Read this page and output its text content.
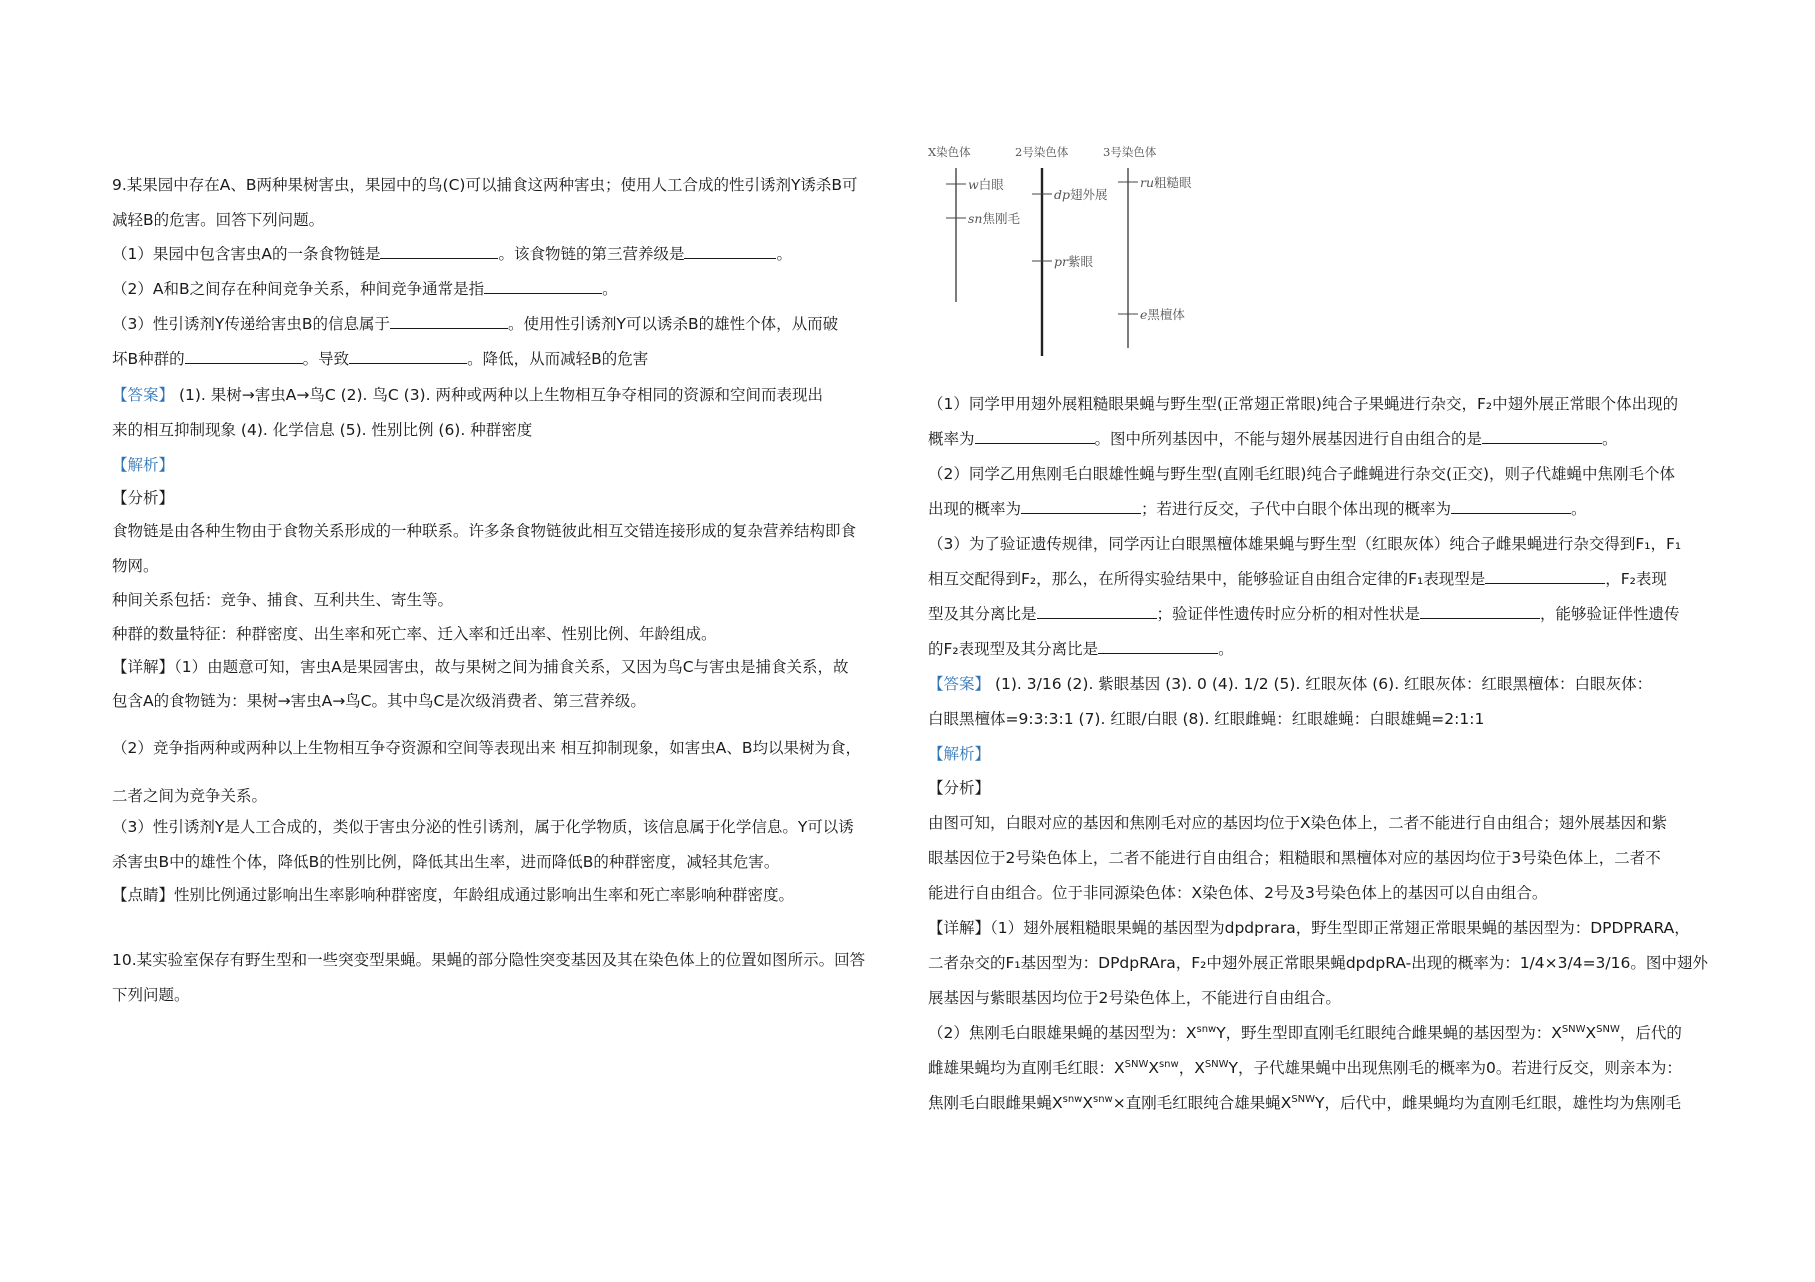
9.某果园中存在A、B两种果树害虫，果园中的鸟(C)可以捕食这两种害虫；使用人工合成的性引诱剂Y诱杀B可
减轻B的危害。回答下列问题。
（1）果园中包含害虫A的一条食物链是	。该食物链的第三营养级是	。
（2）A和B之间存在种间竞争关系，种间竞争通常是指	。
（3）性引诱剂Y传递给害虫B的信息属于	。使用性引诱剂Y可以诱杀B的雄性个体，从而破
坏B种群的	。导致	。降低，从而减轻B的危害
【答案】 (1). 果树→害虫A→鸟C (2). 鸟C (3). 两种或两种以上生物相互争夺相同的资源和空间而表现出
来的相互抑制现象 (4). 化学信息 (5). 性别比例 (6). 种群密度
【解析】
【分析】
食物链是由各种生物由于食物关系形成的一种联系。许多条食物链彼此相互交错连接形成的复杂营养结构即食
物网。
种间关系包括：竞争、捕食、互利共生、寄生等。
种群的数量特征：种群密度、出生率和死亡率、迁入率和迁出率、性别比例、年龄组成。
【详解】（1）由题意可知，害虫A是果园害虫，故与果树之间为捕食关系，又因为鸟C与害虫是捕食关系，故
包含A的食物链为：果树→害虫A→鸟C。其中鸟C是次级消费者、第三营养级。
（2）竞争指两种或两种以上生物相互争夺资源和空间等表现出来 相互抑制现象，如害虫A、B均以果树为食，
二者之间为竞争关系。
（3）性引诱剂Y是人工合成的，类似于害虫分泌的性引诱剂，属于化学物质，该信息属于化学信息。Y可以诱
杀害虫B中的雄性个体，降低B的性别比例，降低其出生率，进而降低B的种群密度，减轻其危害。
【点睛】性别比例通过影响出生率影响种群密度，年龄组成通过影响出生率和死亡率影响种群密度。
10.某实验室保存有野生型和一些突变型果蝇。果蝇的部分隐性突变基因及其在染色体上的位置如图所示。回答
下列问题。
X染色体	2号染色体	3号染色体
w白眼
sn焦刚毛
dp翅外展
pr紫眼
ru粗糙眼
e黑檀体
（1）同学甲用翅外展粗糙眼果蝇与野生型(正常翅正常眼)纯合子果蝇进行杂交，F₂中翅外展正常眼个体出现的
概率为	。图中所列基因中，不能与翅外展基因进行自由组合的是	。
（2）同学乙用焦刚毛白眼雄性蝇与野生型(直刚毛红眼)纯合子雌蝇进行杂交(正交)，则子代雄蝇中焦刚毛个体
出现的概率为	；若进行反交，子代中白眼个体出现的概率为	。
（3）为了验证遗传规律，同学丙让白眼黑檀体雄果蝇与野生型（红眼灰体）纯合子雌果蝇进行杂交得到F₁，F₁
相互交配得到F₂，那么，在所得实验结果中，能够验证自由组合定律的F₁表现型是	，F₂表现
型及其分离比是	；验证伴性遗传时应分析的相对性状是	，能够验证伴性遗传
的F₂表现型及其分离比是	。
【答案】 (1). 3/16 (2). 紫眼基因 (3). 0 (4). 1/2 (5). 红眼灰体 (6). 红眼灰体：红眼黑檀体：白眼灰体：
白眼黑檀体=9:3:3:1 (7). 红眼/白眼 (8). 红眼雌蝇：红眼雄蝇：白眼雄蝇=2:1:1
【解析】
【分析】
由图可知，白眼对应的基因和焦刚毛对应的基因均位于X染色体上，二者不能进行自由组合；翅外展基因和紫
眼基因位于2号染色体上，二者不能进行自由组合；粗糙眼和黑檀体对应的基因均位于3号染色体上，二者不
能进行自由组合。位于非同源染色体：X染色体、2号及3号染色体上的基因可以自由组合。
【详解】（1）翅外展粗糙眼果蝇的基因型为dpdprara，野生型即正常翅正常眼果蝇的基因型为：DPDPRARA，
二者杂交的F₁基因型为：DPdpRAra，F₂中翅外展正常眼果蝇dpdpRA-出现的概率为：1/4×3/4=3/16。图中翅外
展基因与紫眼基因均位于2号染色体上，不能进行自由组合。
（2）焦刚毛白眼雄果蝇的基因型为：$X^{snw}Y$，野生型即直刚毛红眼纯合雌果蝇的基因型为：$X^{SNW}X^{SNW}$，后代的
雌雄果蝇均为直刚毛红眼：$X^{SNW}X^{snw}$，$X^{SNW}Y$，子代雄果蝇中出现焦刚毛的概率为0。若进行反交，则亲本为：
焦刚毛白眼雌果蝇$X^{snw}X^{snw}\times$直刚毛红眼纯合雄果蝇$X^{SNW}Y$，后代中，雌果蝇均为直刚毛红眼，雄性均为焦刚毛
